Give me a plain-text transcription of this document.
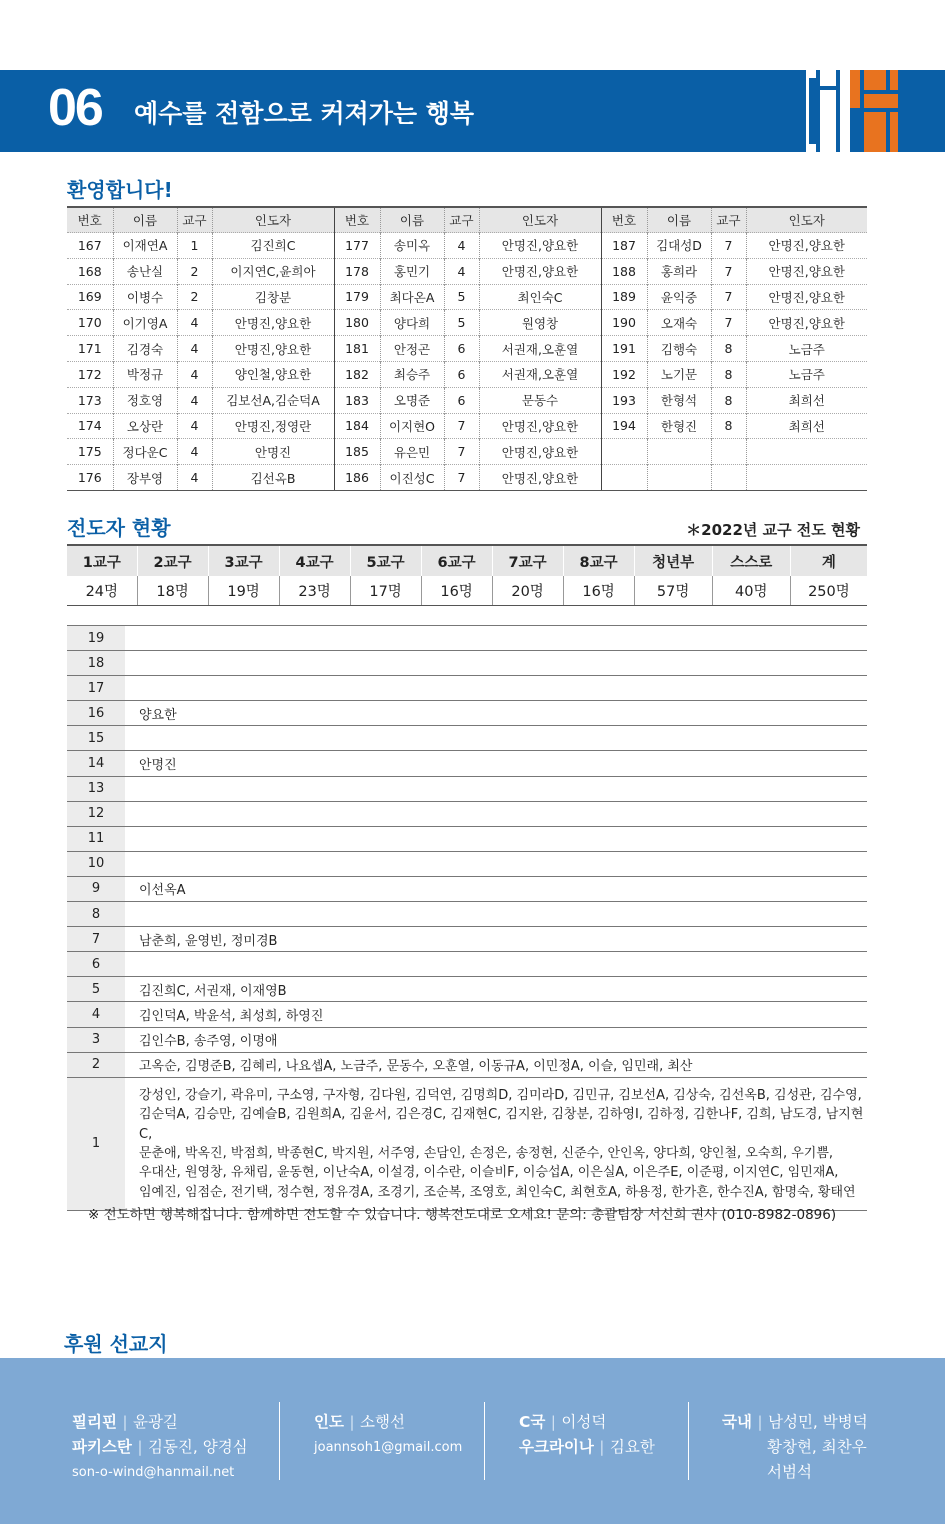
06 예수를 전함으로 커져가는 행복
환영합니다!
번호	이름	교구	인도자	번호	이름	교구	인도자	번호	이름	교구	인도자
167	이재연A	1	김진희C	177	송미옥	4	안명진,양요한	187	김대성D	7	안명진,양요한
168	송난실	2	이지연C,윤희아	178	홍민기	4	안명진,양요한	188	홍희라	7	안명진,양요한
169	이병수	2	김창분	179	최다온A	5	최인숙C	189	윤익중	7	안명진,양요한
170	이기영A	4	안명진,양요한	180	양다희	5	원영창	190	오재숙	7	안명진,양요한
171	김경숙	4	안명진,양요한	181	안정곤	6	서권재,오훈열	191	김행숙	8	노금주
172	박정규	4	양인철,양요한	182	최승주	6	서권재,오훈열	192	노기문	8	노금주
173	정호영	4	김보선A,김순덕A	183	오명준	6	문동수	193	한형석	8	최희선
174	오상란	4	안명진,정영란	184	이지현O	7	안명진,양요한	194	한형진	8	최희선
175	정다운C	4	안명진	185	유은민	7	안명진,양요한				
176	장부영	4	김선옥B	186	이진성C	7	안명진,양요한				
전도자 현황	＊2022년 교구 전도 현황
1교구	2교구	3교구	4교구	5교구	6교구	7교구	8교구	청년부	스스로	계
24명	18명	19명	23명	17명	16명	20명	16명	57명	40명	250명
19	
18	
17	
16	양요한
15	
14	안명진
13	
12	
11	
10	
9	이선옥A
8	
7	남춘희, 윤영빈, 정미경B
6	
5	김진희C, 서권재, 이재영B
4	김인덕A, 박윤석, 최성희, 하영진
3	김인수B, 송주영, 이명애
2	고옥순, 김명준B, 김혜리, 나요셉A, 노금주, 문동수, 오훈열, 이동규A, 이민정A, 이슬, 임민래, 최산
1	강성인, 강슬기, 곽유미, 구소영, 구자형, 김다원, 김덕연, 김명희D, 김미라D, 김민규, 김보선A, 김상숙, 김선옥B, 김성관, 김수영,
김순덕A, 김승만, 김예슬B, 김원희A, 김윤서, 김은경C, 김재현C, 김지완, 김창분, 김하영I, 김하정, 김한나F, 김희, 남도경, 남지현C,
문춘애, 박옥진, 박점희, 박종현C, 박지원, 서주영, 손담인, 손정은, 송정현, 신준수, 안인옥, 양다희, 양인철, 오숙희, 우기쁨,
우대산, 원영창, 유채림, 윤동현, 이난숙A, 이설경, 이수란, 이슬비F, 이승섭A, 이은실A, 이은주E, 이준평, 이지연C, 임민재A,
임예진, 임점순, 전기택, 정수현, 정유경A, 조경기, 조순복, 조영호, 최인숙C, 최현호A, 하용정, 한가흔, 한수진A, 함명숙, 황태연
※ 전도하면 행복해집니다. 함께하면 전도할 수 있습니다. 행복전도대로 오세요! 문의: 총괄팀장 서신희 권사 (010-8982-0896)
후원 선교지
필리핀 | 윤광길
파키스탄 | 김동진, 양경심
son-o-wind@hanmail.net
인도 | 소행선
joannsoh1@gmail.com
C국 | 이성덕
우크라이나 | 김요한
국내 | 남성민, 박병덕
황창현, 최찬우
서범석
